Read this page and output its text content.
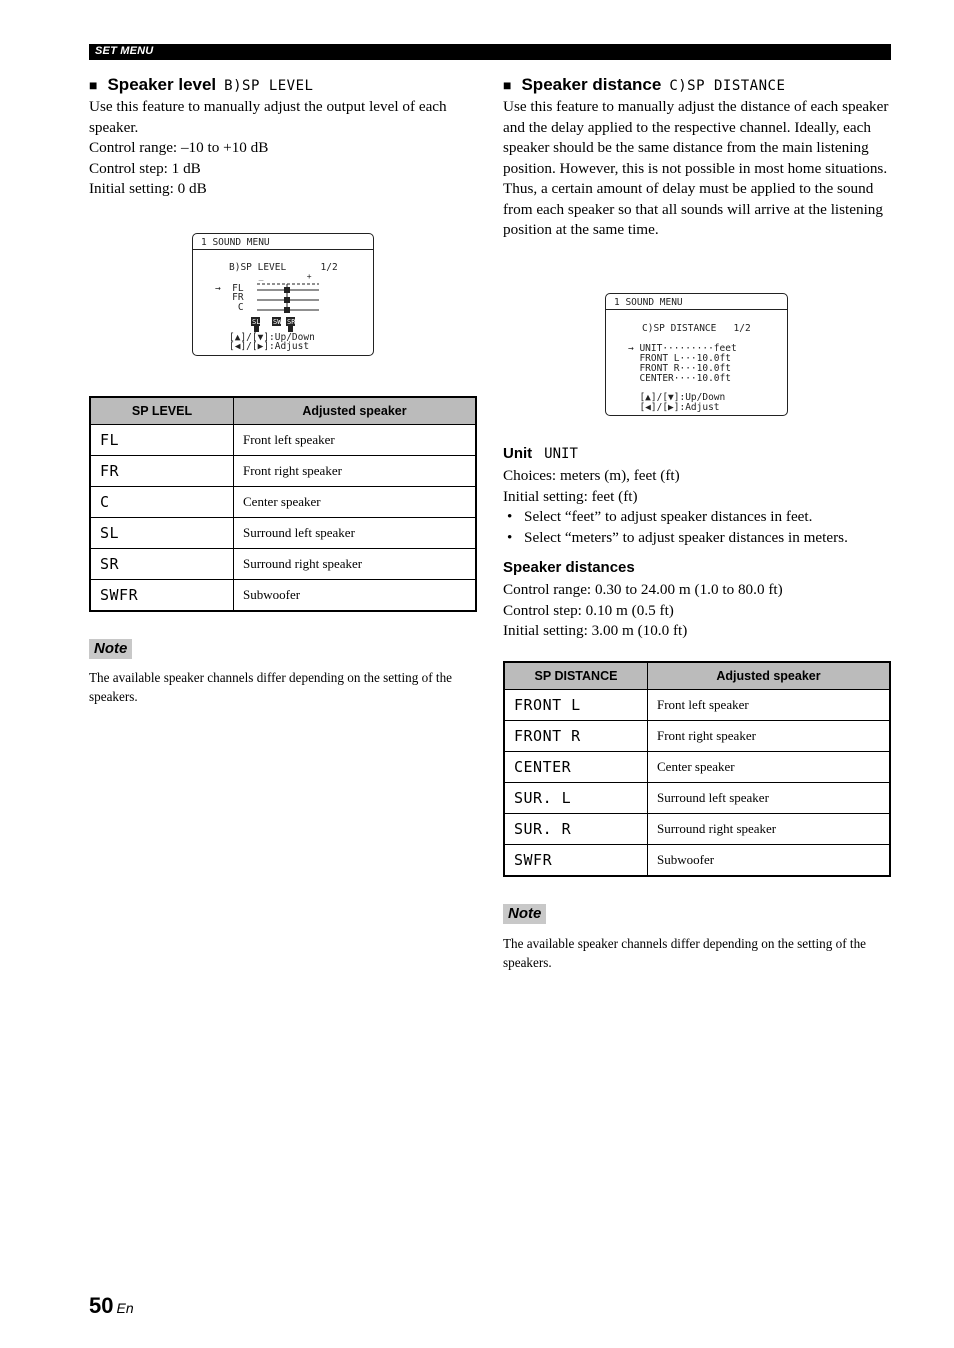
SET MENU
■ Speaker level B)SP LEVEL

Use this feature to manually adjust the output level of each speaker.

Control range: –10 to +10 dB

Control step: 1 dB

Initial setting: 0 dB

1 SOUND MENU
B)SP LEVEL      1/2
_         +
→  FL
FR
C
SL SW SR
[▲]/[▼]:Up/Down
[◀]/[▶]:Adjust
SP LEVEL	Adjusted speaker
FL	Front left speaker
FR	Front right speaker
C	Center speaker
SL	Surround left speaker
SR	Surround right speaker
SWFR	Subwoofer
Note

The available speaker channels differ depending on the setting of the speakers.

■ Speaker distance C)SP DISTANCE

Use this feature to manually adjust the distance of each speaker and the delay applied to the respective channel. Ideally, each speaker should be the same distance from the main listening position. However, this is not possible in most home situations. Thus, a certain amount of delay must be applied to the sound from each speaker so that all sounds will arrive at the listening position at the same time.

1 SOUND MENU
C)SP DISTANCE   1/2
→ UNIT·········feet
FRONT L···10.0ft
FRONT R···10.0ft
CENTER····10.0ft
[▲]/[▼]:Up/Down
[◀]/[▶]:Adjust
Unit UNIT

Choices: meters (m), feet (ft)

Initial setting: feet (ft)

• Select “feet” to adjust speaker distances in feet.
• Select “meters” to adjust speaker distances in meters.
Speaker distances

Control range: 0.30 to 24.00 m (1.0 to 80.0 ft)

Control step: 0.10 m (0.5 ft)

Initial setting: 3.00 m (10.0 ft)

SP DISTANCE	Adjusted speaker
FRONT L	Front left speaker
FRONT R	Front right speaker
CENTER	Center speaker
SUR. L	Surround left speaker
SUR. R	Surround right speaker
SWFR	Subwoofer
Note

The available speaker channels differ depending on the setting of the speakers.

50 En
